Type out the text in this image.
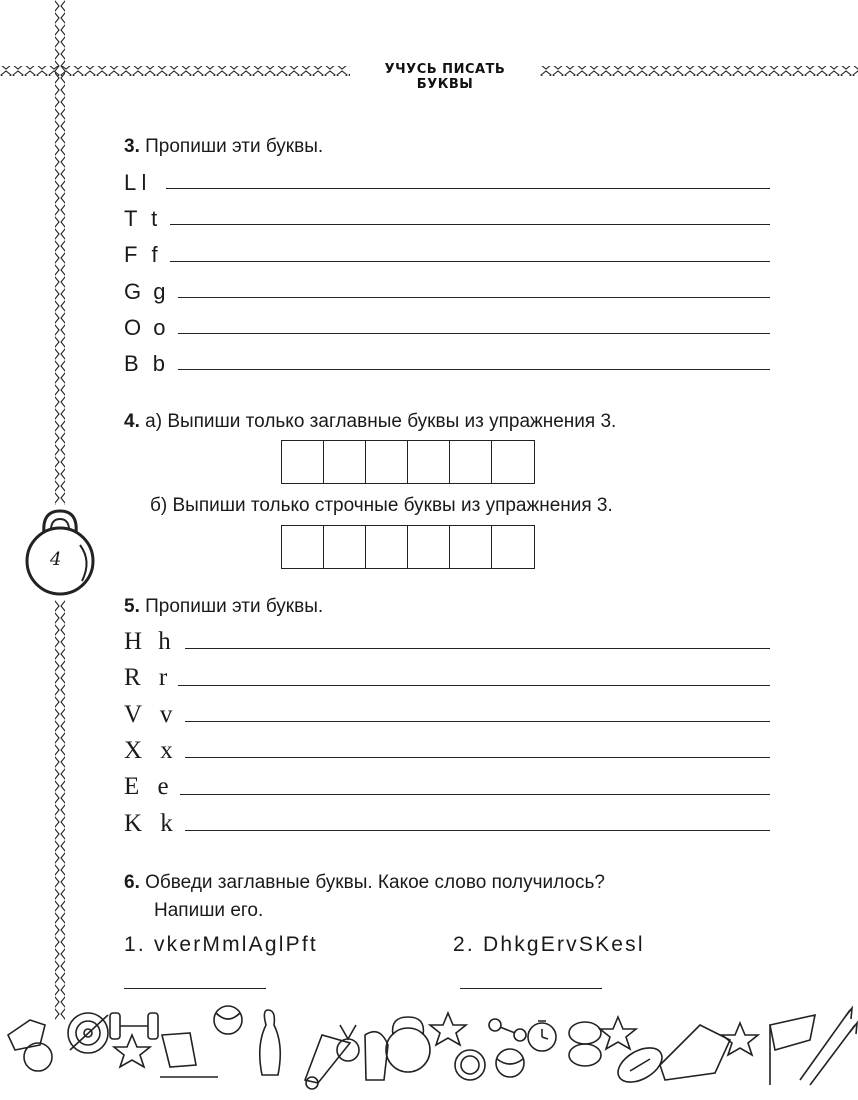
УЧУСЬ ПИСАТЬ БУКВЫ
4
3. Пропиши эти буквы.
L l
T t
F f
G g
O o
B b
4. а) Выпиши только заглавные буквы из упражнения 3.
б) Выпиши только строчные буквы из упражнения 3.
5. Пропиши эти буквы.
H h
R r
V v
X x
E e
K k
6. Обведи заглавные буквы. Какое слово получилось?
Напиши его.
1. vkerMmlAglPft	2. DhkgErvSKesl
